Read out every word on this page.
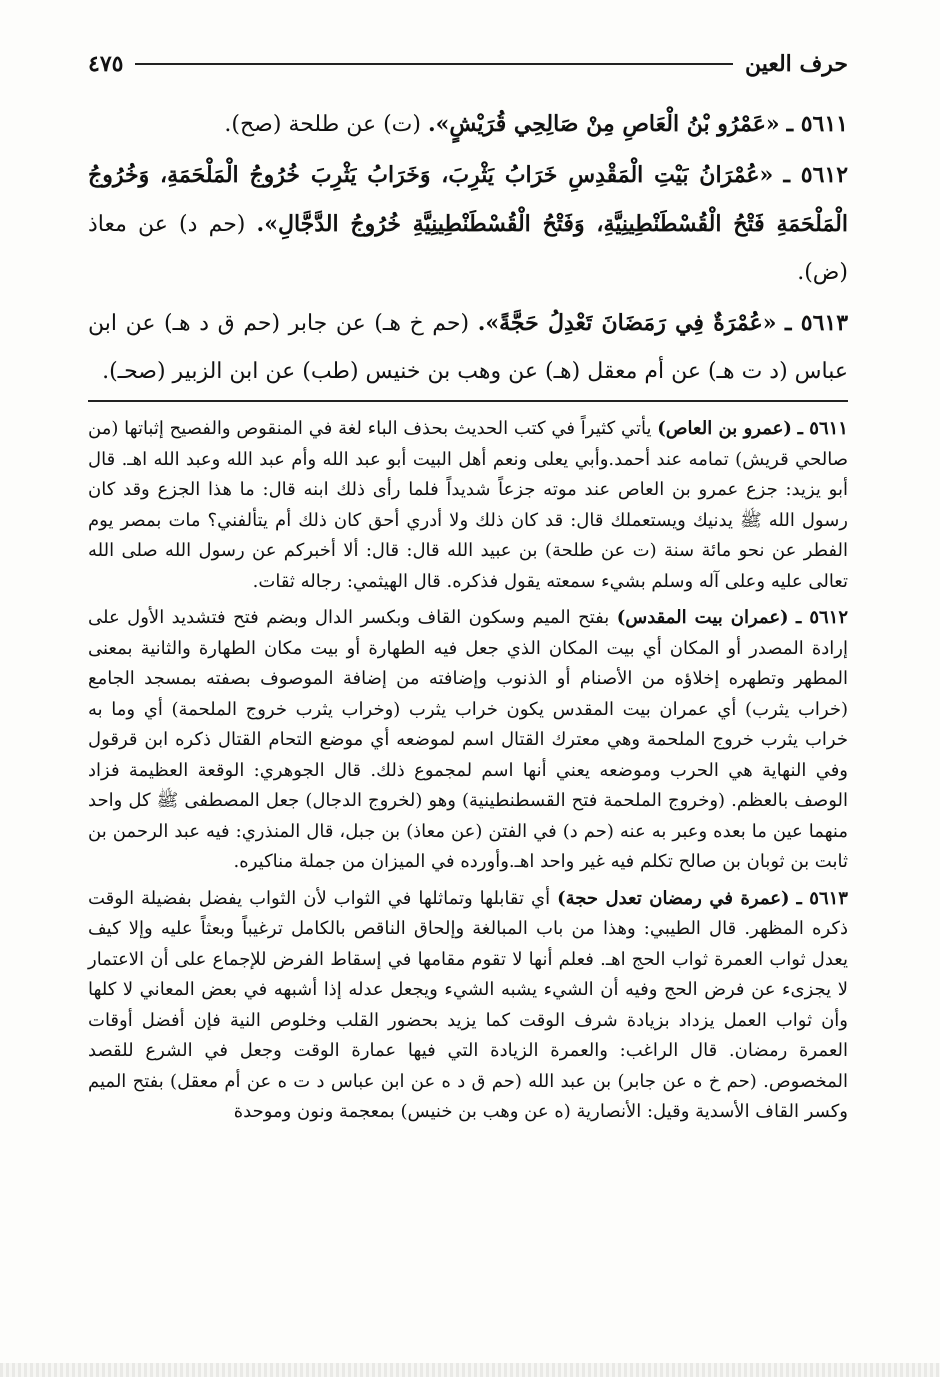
حرف العين
٤٧٥

٥٦١١ ـ «عَمْرُو بْنُ الْعَاصِ مِنْ صَالِحِي قُرَيْشٍ». (ت) عن طلحة (صح).

٥٦١٢ ـ «عُمْرَانُ بَيْتِ الْمَقْدِسِ خَرَابُ يَثْرِبَ، وَخَرَابُ يَثْرِبَ خُرُوجُ الْمَلْحَمَةِ، وَخُرُوجُ الْمَلْحَمَةِ فَتْحُ الْقُسْطَنْطِينِيَّةِ، وَفَتْحُ الْقُسْطَنْطِينِيَّةِ خُرُوجُ الدَّجَّالِ». (حم د) عن معاذ (ض).

٥٦١٣ ـ «عُمْرَةٌ فِي رَمَضَانَ تَعْدِلُ حَجَّةً». (حم خ هـ) عن جابر (حم ق د هـ) عن ابن عباس (د ت هـ) عن أم معقل (هـ) عن وهب بن خنيس (طب) عن ابن الزبير (صحـ).

٥٦١١ ـ (عمرو بن العاص) يأتي كثيراً في كتب الحديث بحذف الباء لغة في المنقوص والفصيح إثباتها (من صالحي قريش) تمامه عند أحمد.وأبي يعلى ونعم أهل البيت أبو عبد الله وأم عبد الله وعبد الله اهـ. قال أبو يزيد: جزع عمرو بن العاص عند موته جزعاً شديداً فلما رأى ذلك ابنه قال: ما هذا الجزع وقد كان رسول الله ﷺ يدنيك ويستعملك قال: قد كان ذلك ولا أدري أحق كان ذلك أم يتألفني؟ مات بمصر يوم الفطر عن نحو مائة سنة (ت عن طلحة) بن عبيد الله قال: قال: ألا أخبركم عن رسول الله صلى الله تعالى عليه وعلى آله وسلم بشيء سمعته يقول فذكره. قال الهيثمي: رجاله ثقات.

٥٦١٢ ـ (عمران بيت المقدس) بفتح الميم وسكون القاف وبكسر الدال وبضم فتح فتشديد الأول على إرادة المصدر أو المكان أي بيت المكان الذي جعل فيه الطهارة أو بيت مكان الطهارة والثانية بمعنى المطهر وتطهره إخلاؤه من الأصنام أو الذنوب وإضافته من إضافة الموصوف بصفته بمسجد الجامع (خراب يثرب) أي عمران بيت المقدس يكون خراب يثرب (وخراب يثرب خروج الملحمة) أي وما به خراب يثرب خروج الملحمة وهي معترك القتال اسم لموضعه أي موضع التحام القتال ذكره ابن قرقول وفي النهاية هي الحرب وموضعه يعني أنها اسم لمجموع ذلك. قال الجوهري: الوقعة العظيمة فزاد الوصف بالعظم. (وخروج الملحمة فتح القسطنطينية) وهو (لخروج الدجال) جعل المصطفى ﷺ كل واحد منهما عين ما بعده وعبر به عنه (حم د) في الفتن (عن معاذ) بن جبل، قال المنذري: فيه عبد الرحمن بن ثابت بن ثوبان بن صالح تكلم فيه غير واحد اهـ.وأورده في الميزان من جملة مناكيره.

٥٦١٣ ـ (عمرة في رمضان تعدل حجة) أي تقابلها وتماثلها في الثواب لأن الثواب يفضل بفضيلة الوقت ذكره المظهر. قال الطيبي: وهذا من باب المبالغة وإلحاق الناقص بالكامل ترغيباً وبعثاً عليه وإلا كيف يعدل ثواب العمرة ثواب الحج اهـ. فعلم أنها لا تقوم مقامها في إسقاط الفرض للإجماع على أن الاعتمار لا يجزىء عن فرض الحج وفيه أن الشيء يشبه الشيء ويجعل عدله إذا أشبهه في بعض المعاني لا كلها وأن ثواب العمل يزداد بزيادة شرف الوقت كما يزيد بحضور القلب وخلوص النية فإن أفضل أوقات العمرة رمضان. قال الراغب: والعمرة الزيادة التي فيها عمارة الوقت وجعل في الشرع للقصد المخصوص. (حم خ ه عن جابر) بن عبد الله (حم ق د ه عن ابن عباس د ت ه عن أم معقل) بفتح الميم وكسر القاف الأسدية وقيل: الأنصارية (ه عن وهب بن خنيس) بمعجمة ونون وموحدة
